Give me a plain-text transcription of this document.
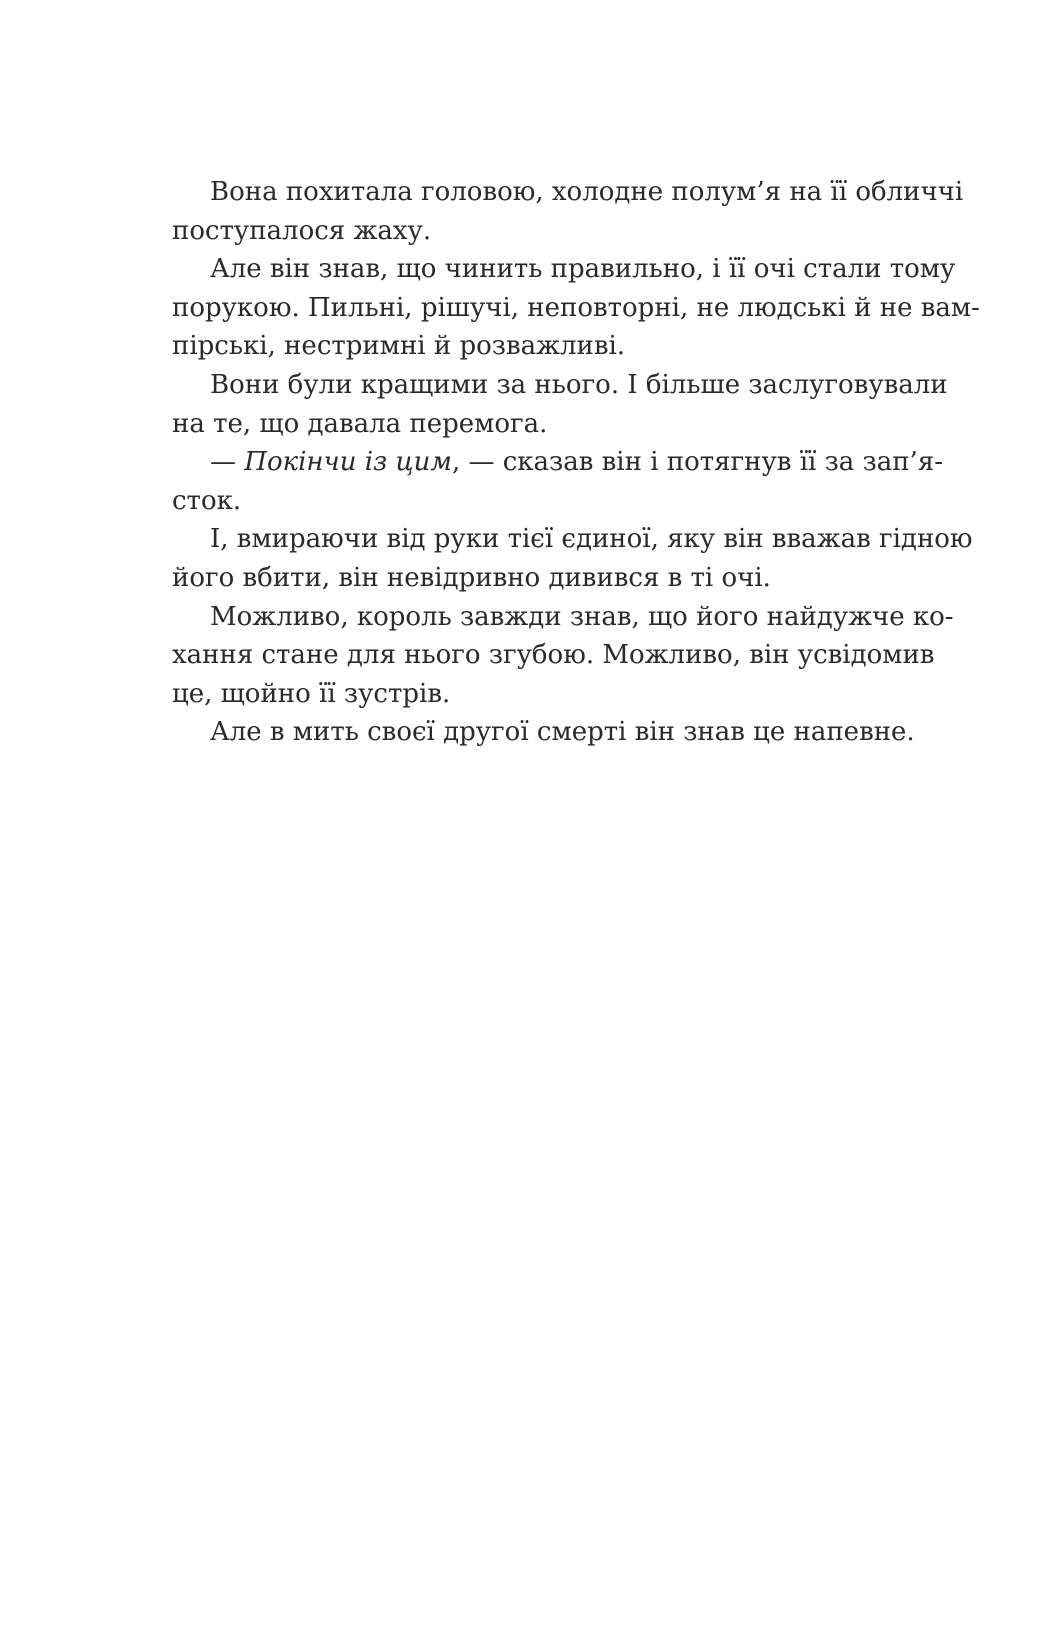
Вона похитала головою, холодне полум’я на її обличчі
поступалося жаху.
Але він знав, що чинить правильно, і її очі стали тому
порукою. Пильні, рішучі, неповторні, не людські й не вам-
пірські, нестримні й розважливі.
Вони були кращими за нього. І більше заслуговували
на те, що давала перемога.
— Покінчи із цим, — сказав він і потягнув її за зап’я-
сток.
І, вмираючи від руки тієї єдиної, яку він вважав гідною
його вбити, він невідривно дивився в ті очі.
Можливо, король завжди знав, що його найдужче ко-
хання стане для нього згубою. Можливо, він усвідомив
це, щойно її зустрів.
Але в мить своєї другої смерті він знав це напевне.
